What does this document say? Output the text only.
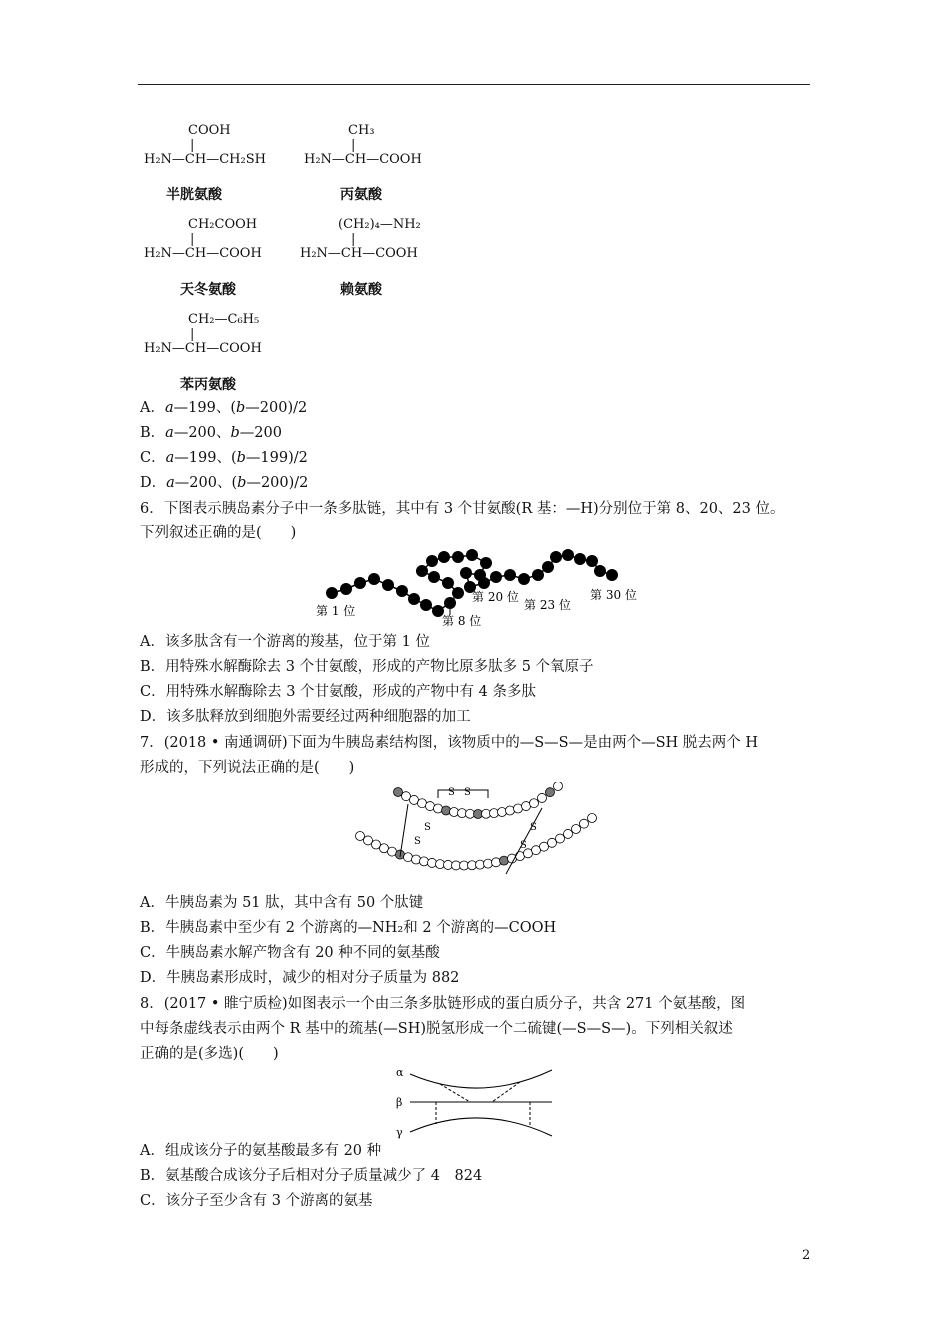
COOH
|
H₂N—CH—CH₂SH
半胱氨酸
CH₃
|
H₂N—CH—COOH
丙氨酸
CH₂COOH
|
H₂N—CH—COOH
天冬氨酸
(CH₂)₄—NH₂
|
H₂N—CH—COOH
赖氨酸
CH₂—C₆H₅
|
H₂N—CH—COOH
苯丙氨酸
A．a—199、(b—200)/2
B．a—200、b—200
C．a—199、(b—199)/2
D．a—200、(b—200)/2
6．下图表示胰岛素分子中一条多肽链，其中有 3 个甘氨酸(R 基：—H)分别位于第 8、20、23 位。
下列叙述正确的是(　　)
第 1 位
第 8 位
第 20 位
第 23 位
第 30 位
A．该多肽含有一个游离的羧基，位于第 1 位
B．用特殊水解酶除去 3 个甘氨酸，形成的产物比原多肽多 5 个氧原子
C．用特殊水解酶除去 3 个甘氨酸，形成的产物中有 4 条多肽
D．该多肽释放到细胞外需要经过两种细胞器的加工
7．(2018 • 南通调研)下面为牛胰岛素结构图，该物质中的—S—S—是由两个—SH 脱去两个 H
形成的，下列说法正确的是(　　)
S S
S
S
S
S
A．牛胰岛素为 51 肽，其中含有 50 个肽键
B．牛胰岛素中至少有 2 个游离的—NH₂和 2 个游离的—COOH
C．牛胰岛素水解产物含有 20 种不同的氨基酸
D．牛胰岛素形成时，减少的相对分子质量为 882
8．(2017 • 睢宁质检)如图表示一个由三条多肽链形成的蛋白质分子，共含 271 个氨基酸，图
中每条虚线表示由两个 R 基中的巯基(—SH)脱氢形成一个二硫键(—S—S—)。下列相关叙述
正确的是(多选)(　　)
α
β
γ
A．组成该分子的氨基酸最多有 20 种
B．氨基酸合成该分子后相对分子质量减少了 4　824
C．该分子至少含有 3 个游离的氨基
2
